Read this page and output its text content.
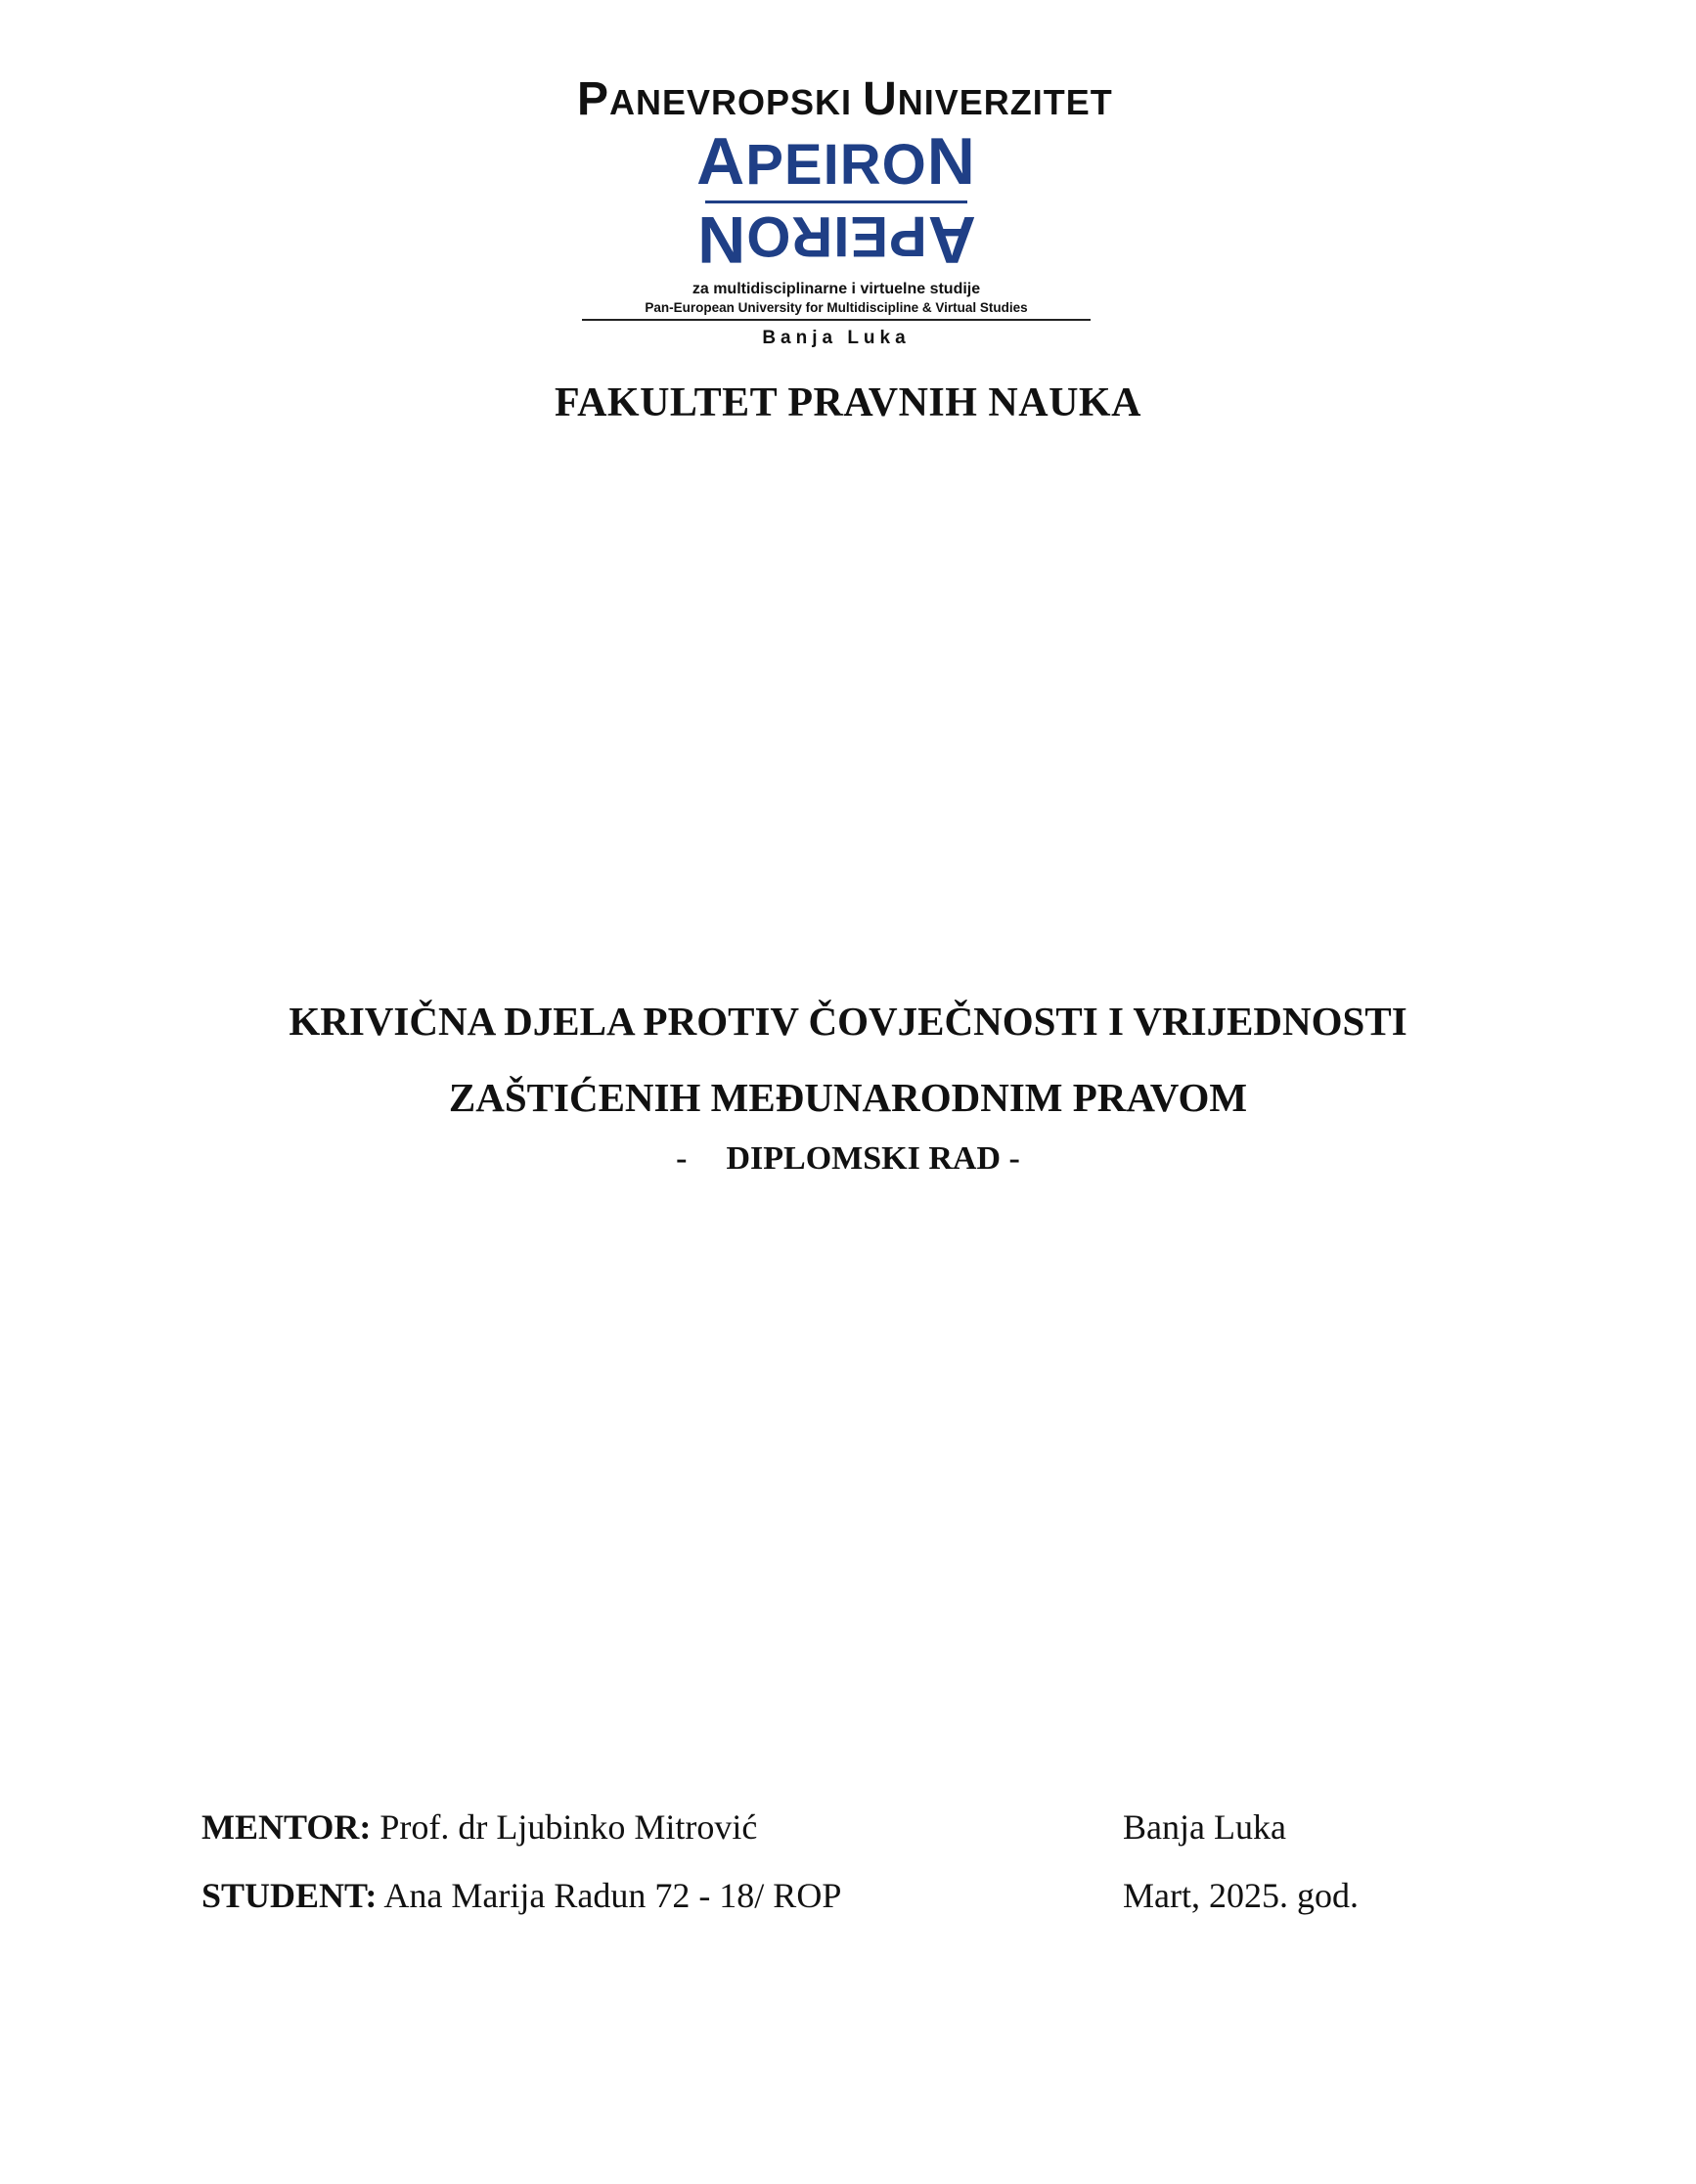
PANEVROPSKI UNIVERZITET
APEIRON
APEIRON
za multidisciplinarne i virtuelne studije
Pan-European University for Multidiscipline & Virtual Studies
Banja Luka
FAKULTET PRAVNIH NAUKA
KRIVIČNA DJELA PROTIV ČOVJEČNOSTI I VRIJEDNOSTI
ZAŠTIĆENIH MEĐUNARODNIM PRAVOM
- DIPLOMSKI RAD -
MENTOR: Prof. dr Ljubinko Mitrović	Banja Luka
STUDENT: Ana Marija Radun 72 - 18/ ROP	Mart, 2025. god.
